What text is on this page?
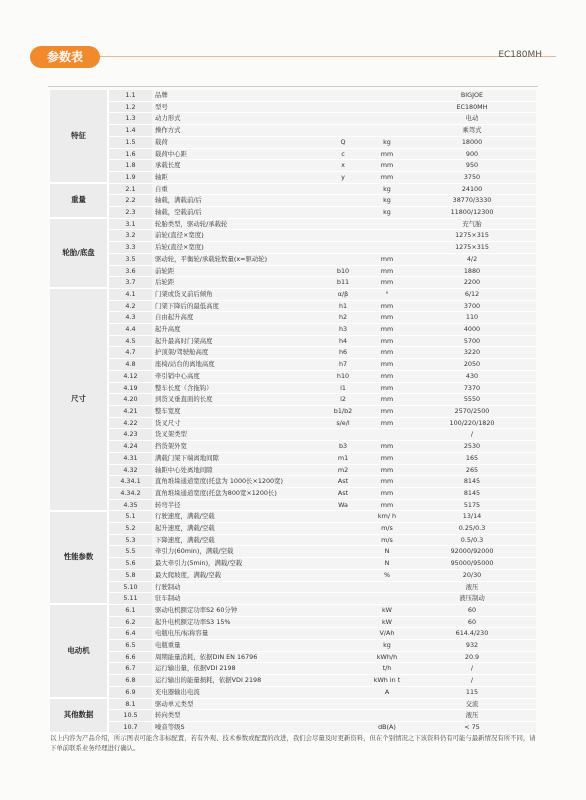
参数表	EC180MH
特征	1.1	品牌			BIGJOE
	1.2	型号			EC180MH
	1.3	动力形式			电动
	1.4	操作方式			乘驾式
	1.5	载荷	Q	kg	18000
	1.6	载荷中心距	c	mm	900
	1.8	承载长度	x	mm	950
	1.9	轴距	y	mm	3750
重量	2.1	自重		kg	24100
	2.2	轴载，满载前/后		kg	38770/3330
	2.3	轴载，空载前/后		kg	11800/12300
轮胎/底盘	3.1	轮胎类型，驱动轮/承载轮			充气胎
	3.2	前轮(直径×宽度)			1275×315
	3.3	后轮(直径×宽度)			1275×315
	3.5	驱动轮，平衡轮/承载轮数量(x=驱动轮)		mm	4/2
	3.6	前轮距	b10	mm	1880
	3.7	后轮距	b11	mm	2200
尺寸	4.1	门架或货叉前后倾角	α/β	°	6/12
	4.2	门架下降后的最低高度	h1	mm	3700
	4.3	自由起升高度	h2	mm	110
	4.4	起升高度	h3	mm	4000
	4.5	起升最高时门架高度	h4	mm	5700
	4.7	护顶架/驾驶舱高度	h6	mm	3220
	4.8	座椅/站台的离地高度	h7	mm	2050
	4.12	牵引销中心高度	h10	mm	430
	4.19	整车长度（含拖钩）	l1	mm	7370
	4.20	到货叉垂直面的长度	l2	mm	5550
	4.21	整车宽度	b1/b2	mm	2570/2500
	4.22	货叉尺寸	s/e/l	mm	100/220/1820
	4.23	货叉架类型			/
	4.24	挡货架外宽	b3	mm	2530
	4.31	满载门架下端离地间隙	m1	mm	165
	4.32	轴距中心处离地间隙	m2	mm	265
	4.34.1	直角堆垛通道宽度(托盘为 1000长×1200宽)	Ast	mm	8145
	4.34.2	直角堆垛通道宽度(托盘为800宽×1200长)	Ast	mm	8145
	4.35	转弯半径	Wa	mm	5175
性能参数	5.1	行驶速度，满载/空载		km/ h	13/14
	5.2	起升速度，满载/空载		m/s	0.25/0.3
	5.3	下降速度，满载/空载		m/s	0.5/0.3
	5.5	牵引力(60min)，满载/空载		N	92000/92000
	5.6	最大牵引力(5min)，满载/空载		N	95000/95000
	5.8	最大爬坡度，满载/空载		%	20/30
	5.10	行驶制动			液压
	5.11	驻车制动			液压制动
电动机	6.1	驱动电机额定功率S2 60分钟		kW	60
	6.2	起升电机额定功率S3 15%		kW	60
	6.4	电瓶电压/标称容量		V/Ah	614.4/230
	6.5	电瓶重量		kg	932
	6.6	周期能量消耗，依据DIN EN 16796		kWh/h	20.9
	6.7	运行输出量，依据VDI 2198		t/h	/
	6.8	运行输出的能量损耗，依据VDI 2198		kWh in t	/
	6.9	充电器输出电流		A	115
其他数据	8.1	驱动单元类型			交流
	10.5	转向类型			液压
	10.7	噪音等级S		dB(A)	< 75
以上内容为产品介绍，所示图表可能含非标配置，若有外观、技术参数或配置的改进，我们会尽量及时更新资料，但在个别情况之下该资料仍有可能与最新情况有所不同，请下单前联系业务经理进行确认。
